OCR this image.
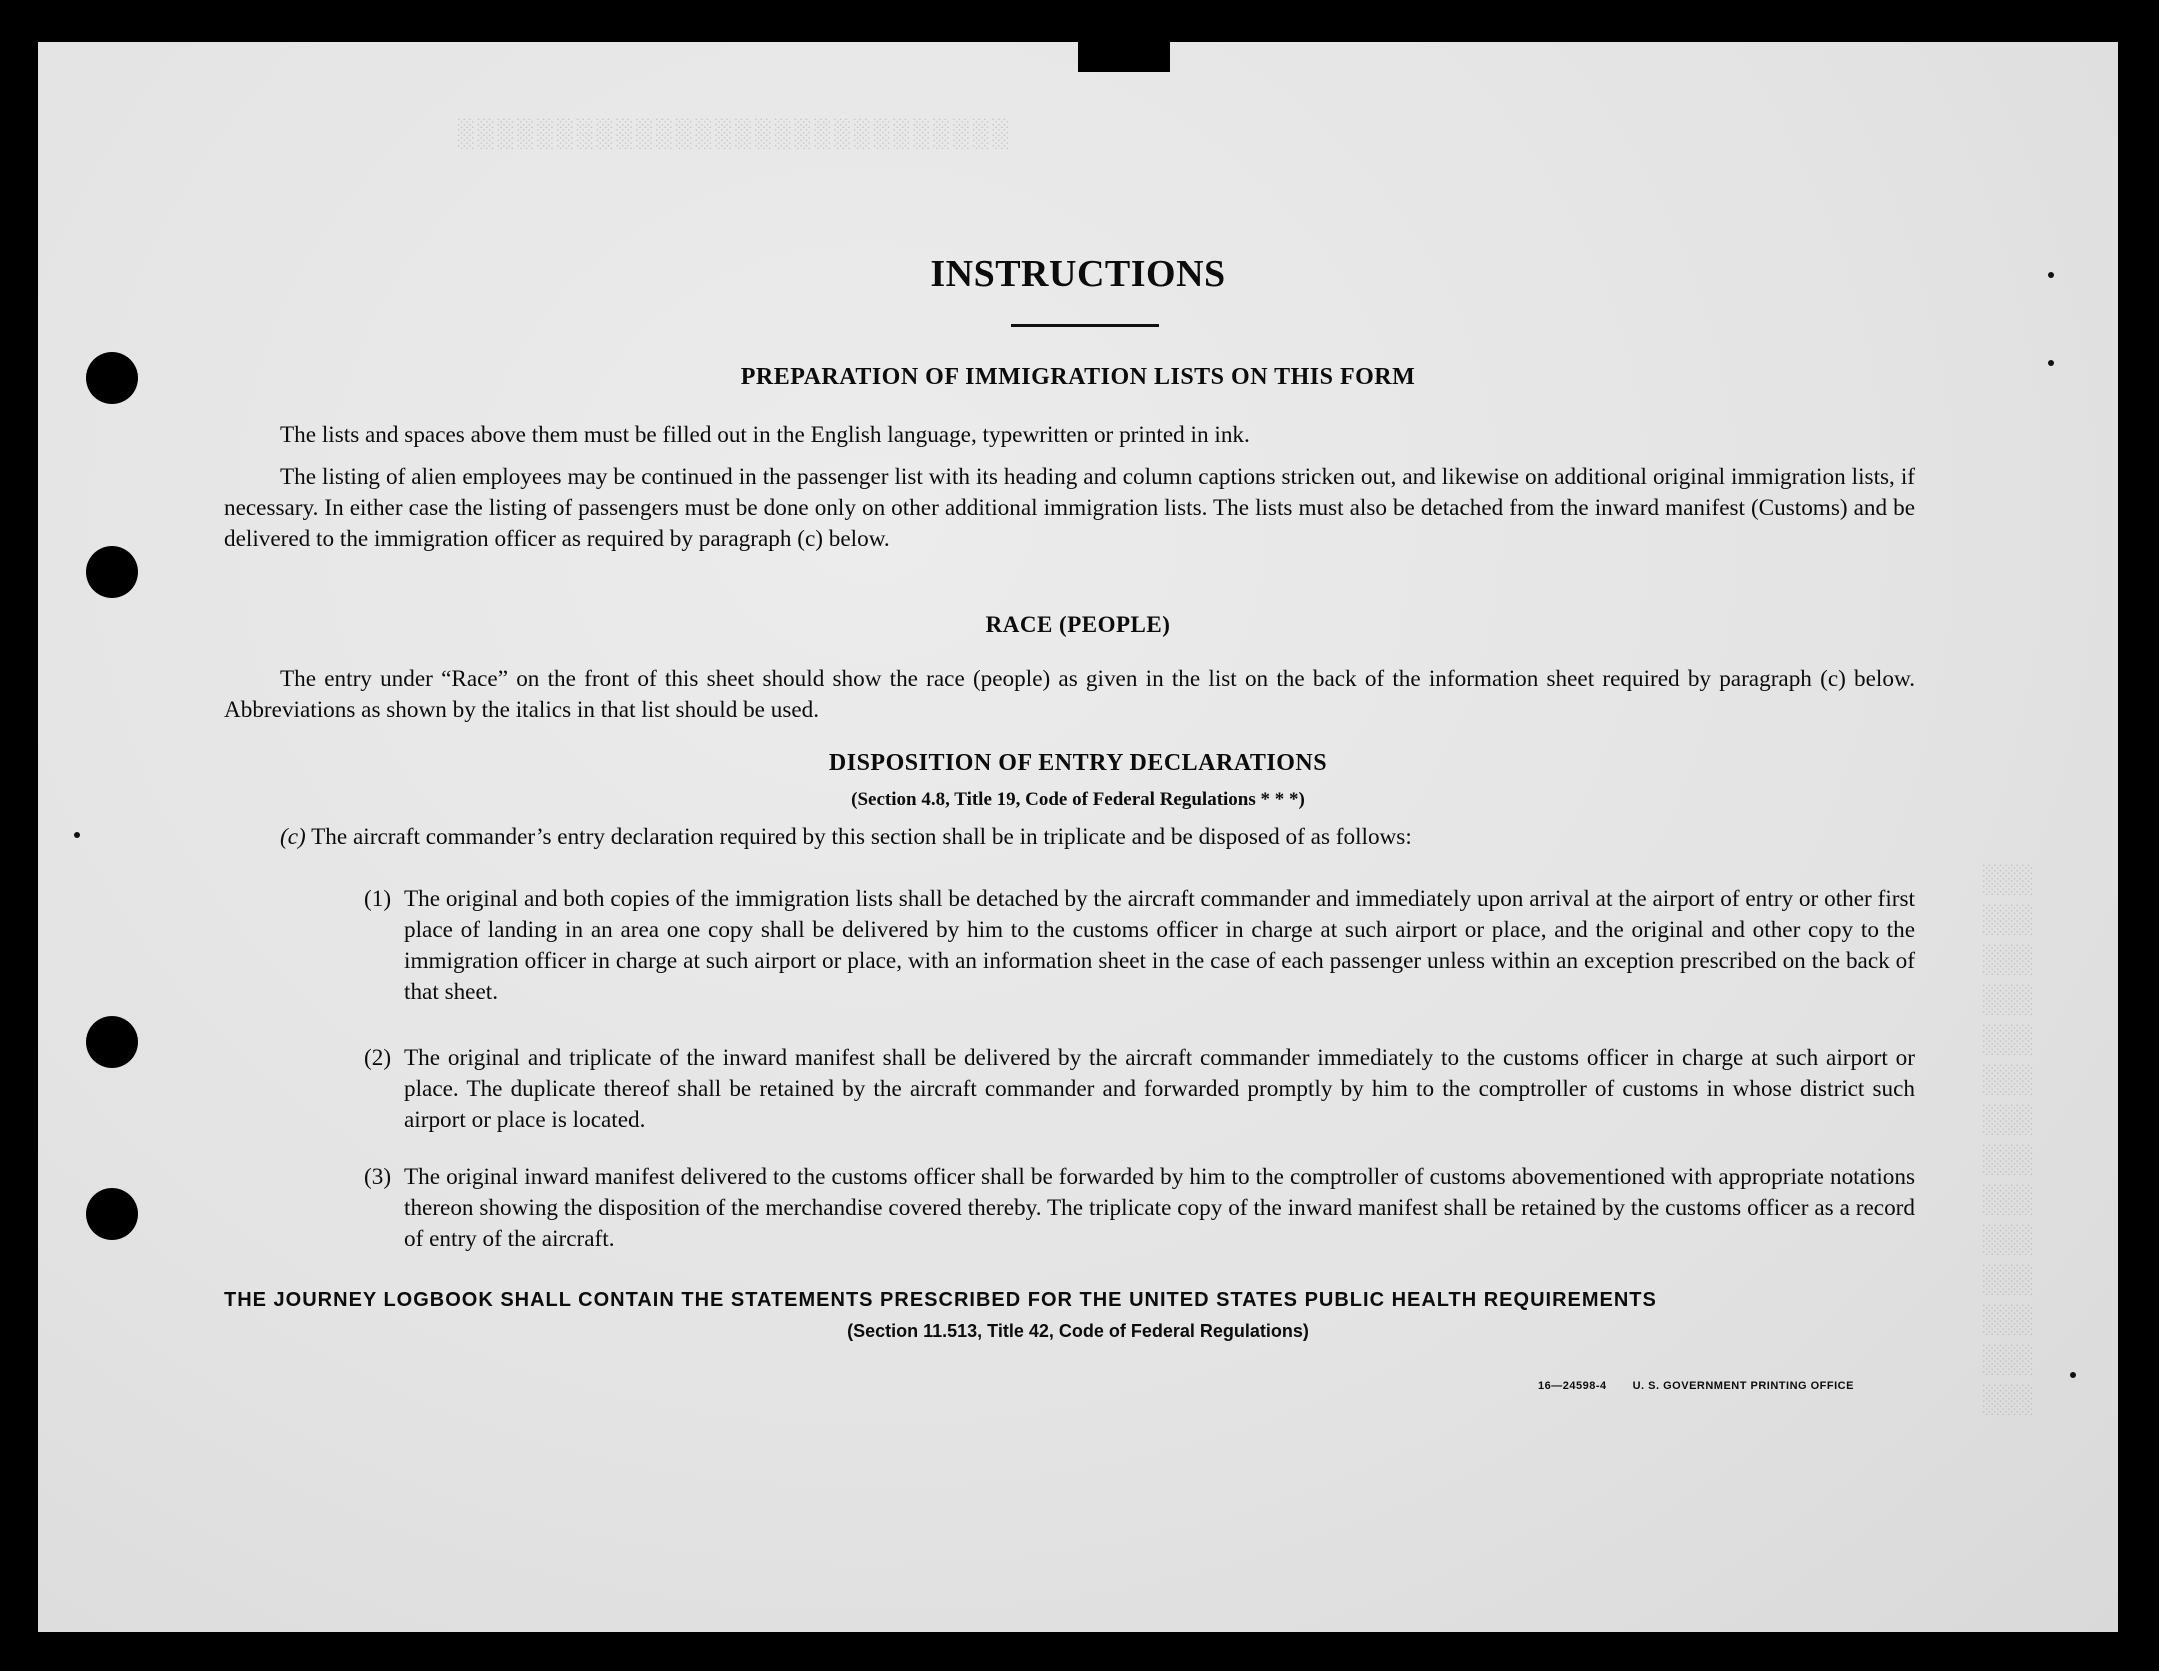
░░░░░░░░░░░░░░░░░░░░░░░░░░░░
░░░
░░░
░░░
░░░
░░░
░░░
░░░
░░░
░░░
░░░
░░░
░░░
░░░
░░░
INSTRUCTIONS
PREPARATION OF IMMIGRATION LISTS ON THIS FORM
The lists and spaces above them must be filled out in the English language, typewritten or printed in ink.
The listing of alien employees may be continued in the passenger list with its heading and column captions stricken out, and likewise on additional original immigration lists, if necessary. In either case the listing of passengers must be done only on other additional immigration lists. The lists must also be detached from the inward manifest (Customs) and be delivered to the immigration officer as required by paragraph (c) below.
RACE (PEOPLE)
The entry under “Race” on the front of this sheet should show the race (people) as given in the list on the back of the information sheet required by paragraph (c) below. Abbreviations as shown by the italics in that list should be used.
DISPOSITION OF ENTRY DECLARATIONS
(Section 4.8, Title 19, Code of Federal Regulations * * *)
(c) The aircraft commander’s entry declaration required by this section shall be in triplicate and be disposed of as follows:
(1) The original and both copies of the immigration lists shall be detached by the aircraft commander and immediately upon arrival at the airport of entry or other first place of landing in an area one copy shall be delivered by him to the customs officer in charge at such airport or place, and the original and other copy to the immigration officer in charge at such airport or place, with an information sheet in the case of each passenger unless within an exception prescribed on the back of that sheet.
(2) The original and triplicate of the inward manifest shall be delivered by the aircraft commander immediately to the customs officer in charge at such airport or place. The duplicate thereof shall be retained by the aircraft commander and forwarded promptly by him to the comptroller of customs in whose district such airport or place is located.
(3) The original inward manifest delivered to the customs officer shall be forwarded by him to the comptroller of customs abovementioned with appropriate notations thereon showing the disposition of the merchandise covered thereby. The triplicate copy of the inward manifest shall be retained by the customs officer as a record of entry of the aircraft.
THE JOURNEY LOGBOOK SHALL CONTAIN THE STATEMENTS PRESCRIBED FOR THE UNITED STATES PUBLIC HEALTH REQUIREMENTS
(Section 11.513, Title 42, Code of Federal Regulations)
16—24598-4 U. S. GOVERNMENT PRINTING OFFICE
